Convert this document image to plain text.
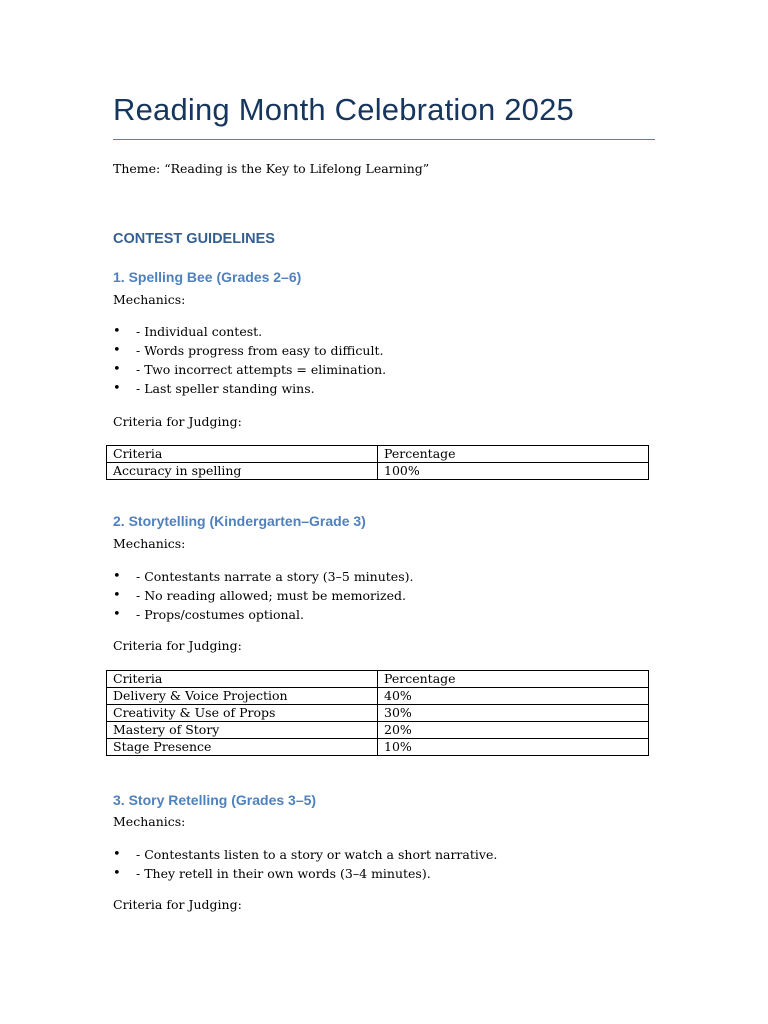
Reading Month Celebration 2025
Theme: “Reading is the Key to Lifelong Learning”
CONTEST GUIDELINES
1. Spelling Bee (Grades 2–6)
Mechanics:
• - Individual contest.
• - Words progress from easy to difficult.
• - Two incorrect attempts = elimination.
• - Last speller standing wins.
Criteria for Judging:
Criteria	Percentage
Accuracy in spelling	100%
2. Storytelling (Kindergarten–Grade 3)
Mechanics:
• - Contestants narrate a story (3–5 minutes).
• - No reading allowed; must be memorized.
• - Props/costumes optional.
Criteria for Judging:
Criteria	Percentage
Delivery & Voice Projection	40%
Creativity & Use of Props	30%
Mastery of Story	20%
Stage Presence	10%
3. Story Retelling (Grades 3–5)
Mechanics:
• - Contestants listen to a story or watch a short narrative.
• - They retell in their own words (3–4 minutes).
Criteria for Judging:
